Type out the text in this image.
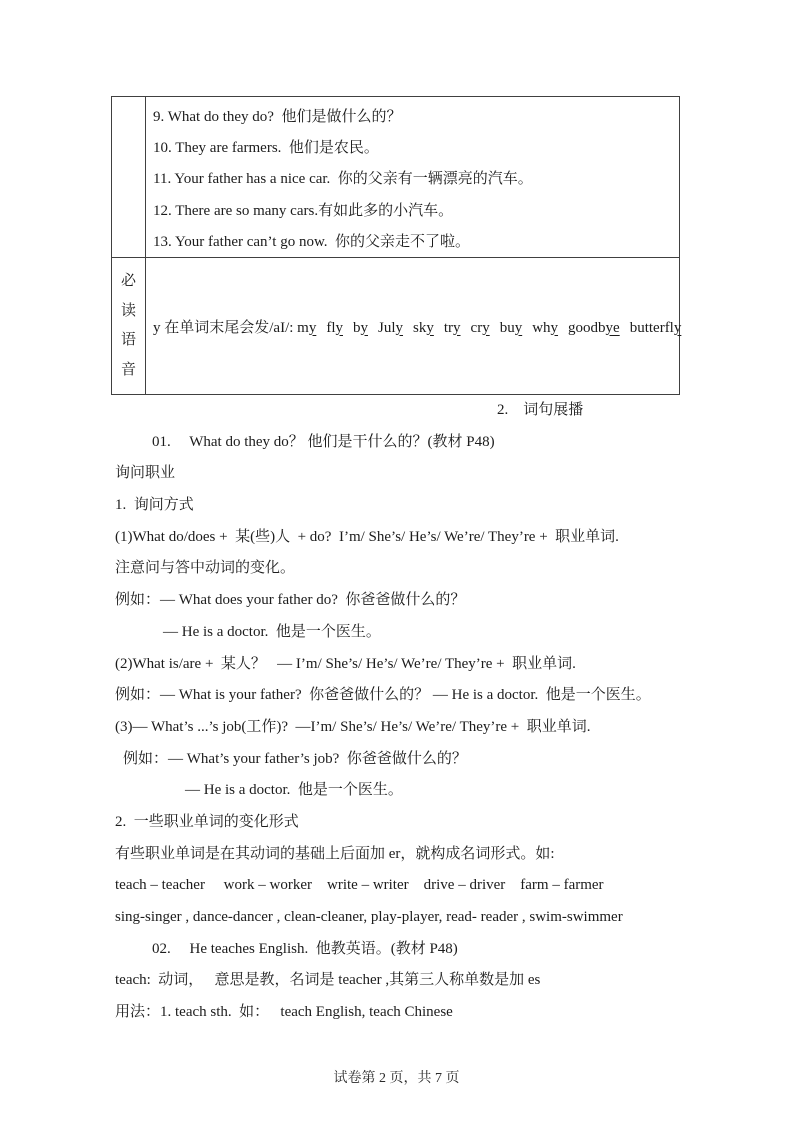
9. What do they do?  他们是做什么的？
10. They are farmers.  他们是农民。
11. Your father has a nice car.  你的父亲有一辆漂亮的汽车。
12. There are so many cars.有如此多的小汽车。
13. Your father can’t go now.  你的父亲走不了啦。
必
读
语
音
y 在单词末尾会发/aI/: my fly by July sky try cry buy why goodbye butterfly
2.    词句展播
01.     What do they do？ 他们是干什么的？(教材 P48)
询问职业
1.  询问方式
(1)What do/does +  某(些)人  + do?  I’m/ She’s/ He’s/ We’re/ They’re +  职业单词.
注意问与答中动词的变化。
例如：— What does your father do?  你爸爸做什么的？
— He is a doctor.  他是一个医生。
(2)What is/are +  某人？   — I’m/ She’s/ He’s/ We’re/ They’re +  职业单词.
例如：— What is your father?  你爸爸做什么的？ — He is a doctor.  他是一个医生。
(3)— What’s ...’s job(工作)?  —I’m/ She’s/ He’s/ We’re/ They’re +  职业单词.
例如：— What’s your father’s job?  你爸爸做什么的？
— He is a doctor.  他是一个医生。
2.  一些职业单词的变化形式
有些职业单词是在其动词的基础上后面加 er，就构成名词形式。如:
teach – teacher     work – worker    write – writer    drive – driver    farm – farmer
sing-singer , dance-dancer , clean-cleaner, play-player, read- reader , swim-swimmer
02.     He teaches English.  他教英语。(教材 P48)
teach:  动词，   意思是教，名词是 teacher ,其第三人称单数是加 es
用法：1. teach sth.  如：   teach English, teach Chinese
试卷第 2 页，共 7 页
